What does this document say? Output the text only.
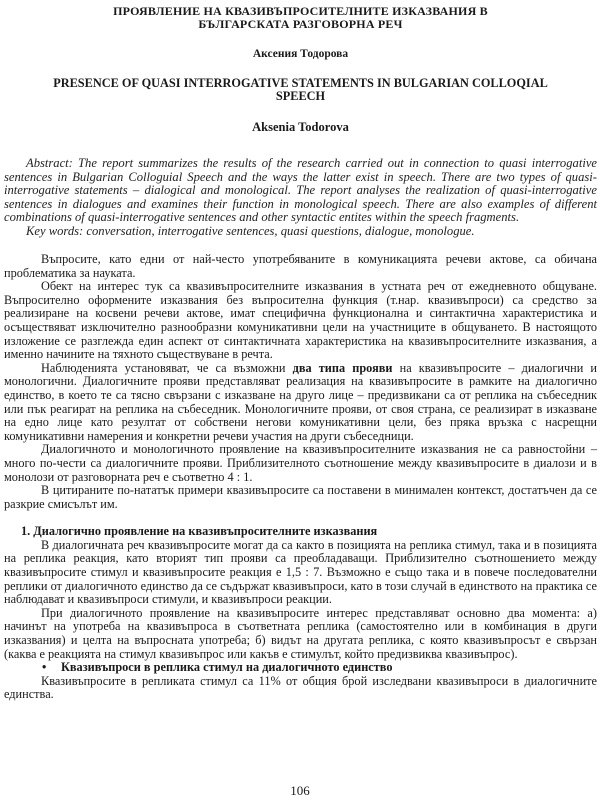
ПРОЯВЛЕНИЕ НА КВАЗИВЪПРОСИТЕЛНИТЕ ИЗКАЗВАНИЯ В
БЪЛГАРСКАТА РАЗГОВОРНА РЕЧ
Аксения Тодорова
PRESENCE OF QUASI INTERROGATIVE STATEMENTS IN BULGARIAN COLLOQIAL
SPEECH
Aksenia Todorova

Abstract: The report summarizes the results of the research carried out in connection to quasi interrogative sentences in Bulgarian Colloguial Speech and the ways the latter exist in speech. There are two types of quasi-interrogative statements – dialogical and monological. The report analyses the realization of quasi-interrogative sentences in dialogues and examines their function in monological speech. There are also examples of different combinations of quasi-interrogative sentences and other syntactic entites within the speech fragments.

Key words: conversation, interrogative sentences, quasi questions, dialogue, monologue.

Въпросите, като едни от най-често употребяваните в комуникацията речеви актове, са обичана проблематика за науката.

Обект на интерес тук са квазивъпросителните изказвания в устната реч от ежедневното общуване. Въпросително оформените изказвания без въпросителна функция (т.нар. квазивъпроси) са средство за реализиране на косвени речеви актове, имат специфична функционална и синтактична характеристика и осъществяват изключително разнообразни комуникативни цели на участниците в общуването. В настоящото изложение се разглежда един аспект от синтактичната характеристика на квазивъпросителните изказвания, а именно начините на тяхното съществуване в речта.

Наблюденията установяват, че са възможни два типа прояви на квазивъпросите – диалогични и монологични. Диалогичните прояви представляват реализация на квазивъпросите в рамките на диалогично единство, в което те са тясно свързани с изказване на друго лице – предизвикани са от реплика на събеседник или пък реагират на реплика на събеседник. Монологичните прояви, от своя страна, се реализират в изказване на едно лице като резултат от собствени негови комуникативни цели, без пряка връзка с насрещни комуникативни намерения и конкретни речеви участия на други събеседници.

Диалогичното и монологичното проявление на квазивъпросителните изказвания не са равностойни – много по-чести са диалогичните прояви. Приблизителното съотношение между квазивъпросите в диалози и в монолози от разговорната реч е съответно 4 : 1.

В цитираните по-нататък примери квазивъпросите са поставени в минимален контекст, достатъчен да се разкрие смисълът им.

1. Диалогично проявление на квазивъпросителните изказвания

В диалогичната реч квазивъпросите могат да са както в позицията на реплика стимул, така и в позицията на реплика реакция, като вторият тип прояви са преобладаващи. Приблизително съотношението между квазивъпросите стимул и квазивъпросите реакция е 1,5 : 7. Възможно е също така и в повече последователни реплики от диалогичното единство да се съдържат квазивъпроси, като в този случай в единството на практика се наблюдават и квазивъпроси стимули, и квазивъпроси реакции.

При диалогичното проявление на квазивъпросите интерес представляват основно два момента: а) начинът на употреба на квазивъпроса в съответната реплика (самостоятелно или в комбинация в други изказвания) и целта на въпросната употреба; б) видът на другата реплика, с която квазивъпросът е свързан (каква е реакцията на стимул квазивъпрос или какъв е стимулът, който предизвиква квазивъпрос).

•	Квазивъпроси в реплика стимул на диалогичното единство

Квазивъпросите в репликата стимул са 11% от общия брой изследвани квазивъпроси в диалогичните единства.

106
